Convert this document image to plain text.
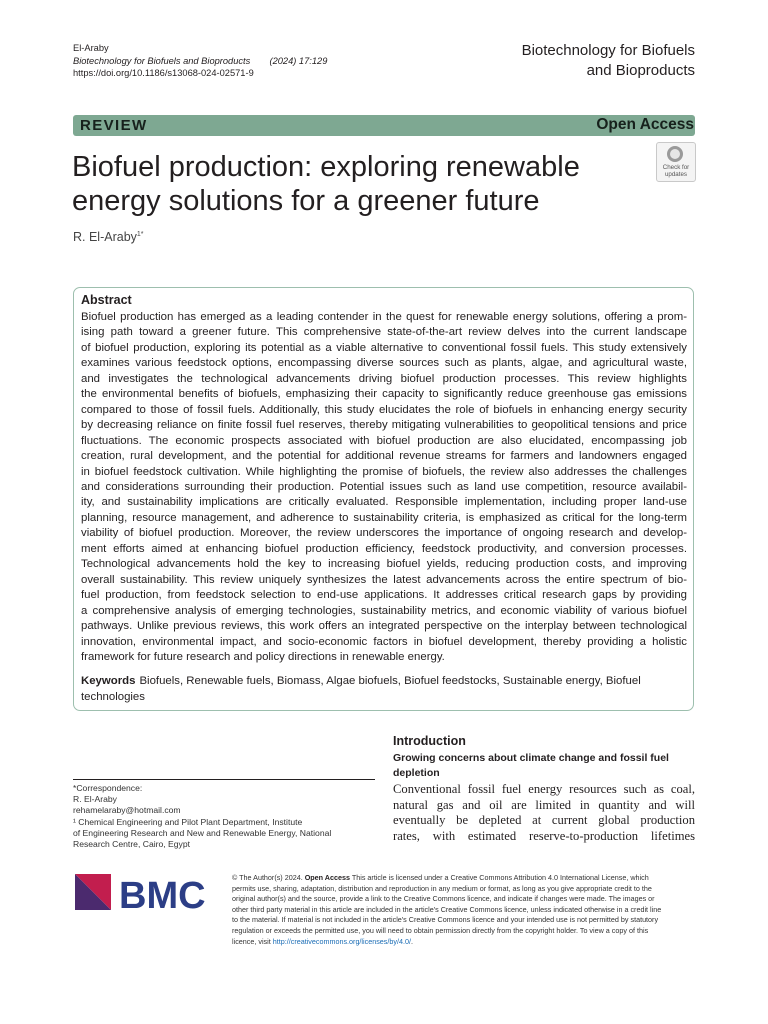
El-Araby
Biotechnology for Biofuels and Bioproducts (2024) 17:129
https://doi.org/10.1186/s13068-024-02571-9
Biotechnology for Biofuels
and Bioproducts
REVIEW	Open Access
Biofuel production: exploring renewable
energy solutions for a greener future
Check for
updates
R. El-Araby$^{1*}$
Abstract
Biofuel production has emerged as a leading contender in the quest for renewable energy solutions, offering a prom-
ising path toward a greener future. This comprehensive state-of-the-art review delves into the current landscape
of biofuel production, exploring its potential as a viable alternative to conventional fossil fuels. This study extensively
examines various feedstock options, encompassing diverse sources such as plants, algae, and agricultural waste,
and investigates the technological advancements driving biofuel production processes. This review highlights
the environmental benefits of biofuels, emphasizing their capacity to significantly reduce greenhouse gas emissions
compared to those of fossil fuels. Additionally, this study elucidates the role of biofuels in enhancing energy security
by decreasing reliance on finite fossil fuel reserves, thereby mitigating vulnerabilities to geopolitical tensions and price
fluctuations. The economic prospects associated with biofuel production are also elucidated, encompassing job
creation, rural development, and the potential for additional revenue streams for farmers and landowners engaged
in biofuel feedstock cultivation. While highlighting the promise of biofuels, the review also addresses the challenges
and considerations surrounding their production. Potential issues such as land use competition, resource availabil-
ity, and sustainability implications are critically evaluated. Responsible implementation, including proper land-use
planning, resource management, and adherence to sustainability criteria, is emphasized as critical for the long-term
viability of biofuel production. Moreover, the review underscores the importance of ongoing research and develop-
ment efforts aimed at enhancing biofuel production efficiency, feedstock productivity, and conversion processes.
Technological advancements hold the key to increasing biofuel yields, reducing production costs, and improving
overall sustainability. This review uniquely synthesizes the latest advancements across the entire spectrum of bio-
fuel production, from feedstock selection to end-use applications. It addresses critical research gaps by providing
a comprehensive analysis of emerging technologies, sustainability metrics, and economic viability of various biofuel
pathways. Unlike previous reviews, this work offers an integrated perspective on the interplay between technological
innovation, environmental impact, and socio-economic factors in biofuel development, thereby providing a holistic
framework for future research and policy directions in renewable energy.
Keywords Biofuels, Renewable fuels, Biomass, Algae biofuels, Biofuel feedstocks, Sustainable energy, Biofuel
technologies
*Correspondence:
R. El-Araby
rehamelaraby@hotmail.com
¹ Chemical Engineering and Pilot Plant Department, Institute
of Engineering Research and New and Renewable Energy, National
Research Centre, Cairo, Egypt
Introduction
Growing concerns about climate change and fossil fuel depletion
Conventional fossil fuel energy resources such as coal,
natural gas and oil are limited in quantity and will
eventually be depleted at current global production
rates, with estimated reserve-to-production lifetimes
BMC	© The Author(s) 2024. Open Access This article is licensed under a Creative Commons Attribution 4.0 International License, which
permits use, sharing, adaptation, distribution and reproduction in any medium or format, as long as you give appropriate credit to the
original author(s) and the source, provide a link to the Creative Commons licence, and indicate if changes were made. The images or
other third party material in this article are included in the article's Creative Commons licence, unless indicated otherwise in a credit line
to the material. If material is not included in the article's Creative Commons licence and your intended use is not permitted by statutory
regulation or exceeds the permitted use, you will need to obtain permission directly from the copyright holder. To view a copy of this
licence, visit http://creativecommons.org/licenses/by/4.0/.
